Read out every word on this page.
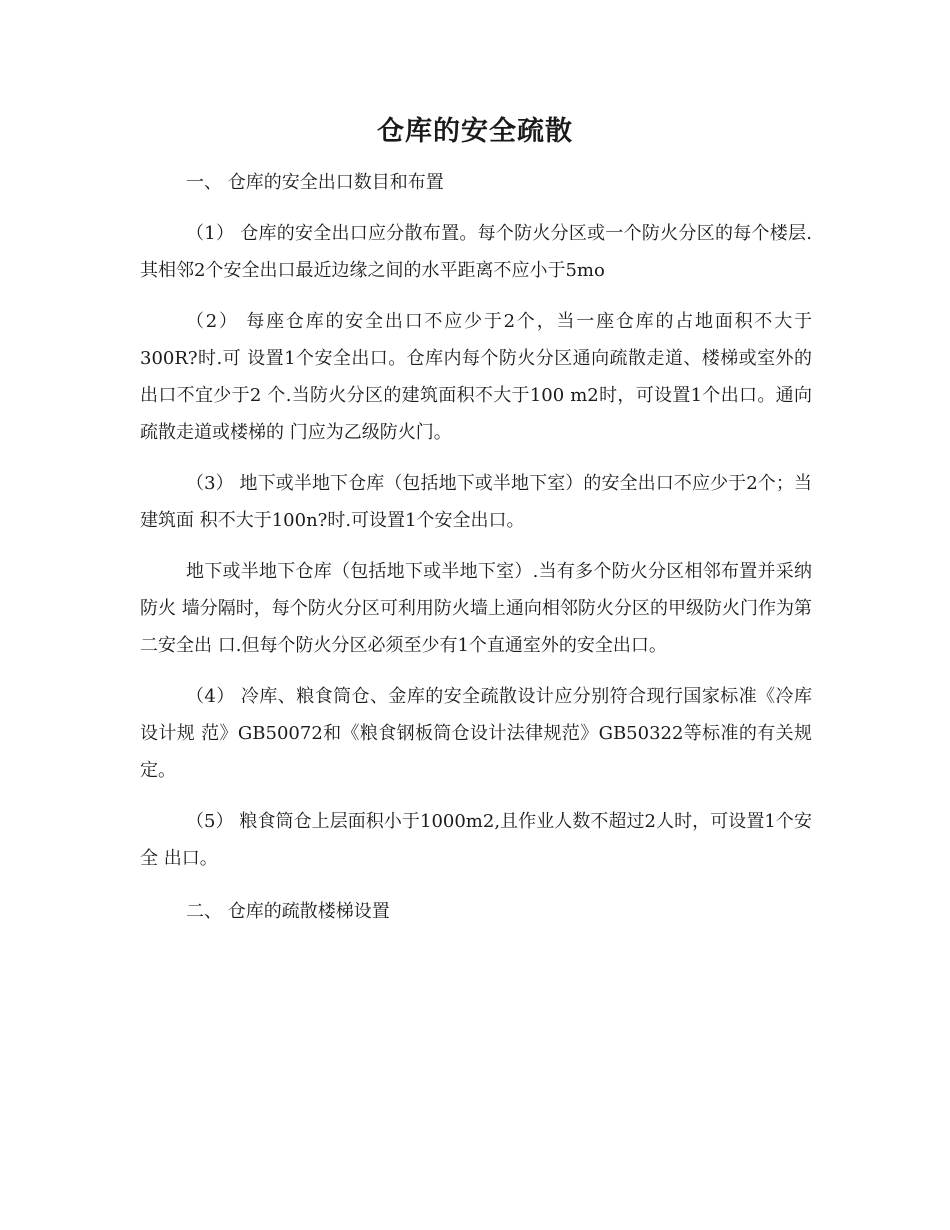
仓库的安全疏散

一、 仓库的安全出口数目和布置

（1） 仓库的安全出口应分散布置。每个防火分区或一个防火分区的每个楼层.其相邻2个安全出口最近边缘之间的水平距离不应小于5mo

（2） 每座仓库的安全出口不应少于2个，当一座仓库的占地面积不大于300R?时.可 设置1个安全出口。仓库内每个防火分区通向疏散走道、楼梯或室外的出口不宜少于2 个.当防火分区的建筑面积不大于100 m2时，可设置1个出口。通向疏散走道或楼梯的 门应为乙级防火门。

（3） 地下或半地下仓库（包括地下或半地下室）的安全出口不应少于2个；当建筑面 积不大于100n?时.可设置1个安全出口。

地下或半地下仓库（包括地下或半地下室）.当有多个防火分区相邻布置并采纳防火 墙分隔时，每个防火分区可利用防火墙上通向相邻防火分区的甲级防火门作为第二安全出 口.但每个防火分区必须至少有1个直通室外的安全出口。

（4） 冷库、粮食筒仓、金库的安全疏散设计应分别符合现行国家标准《冷库设计规 范》GB50072和《粮食钢板筒仓设计法律规范》GB50322等标准的有关规定。

（5） 粮食筒仓上层面积小于1000m2,且作业人数不超过2人时，可设置1个安全 出口。

二、 仓库的疏散楼梯设置
